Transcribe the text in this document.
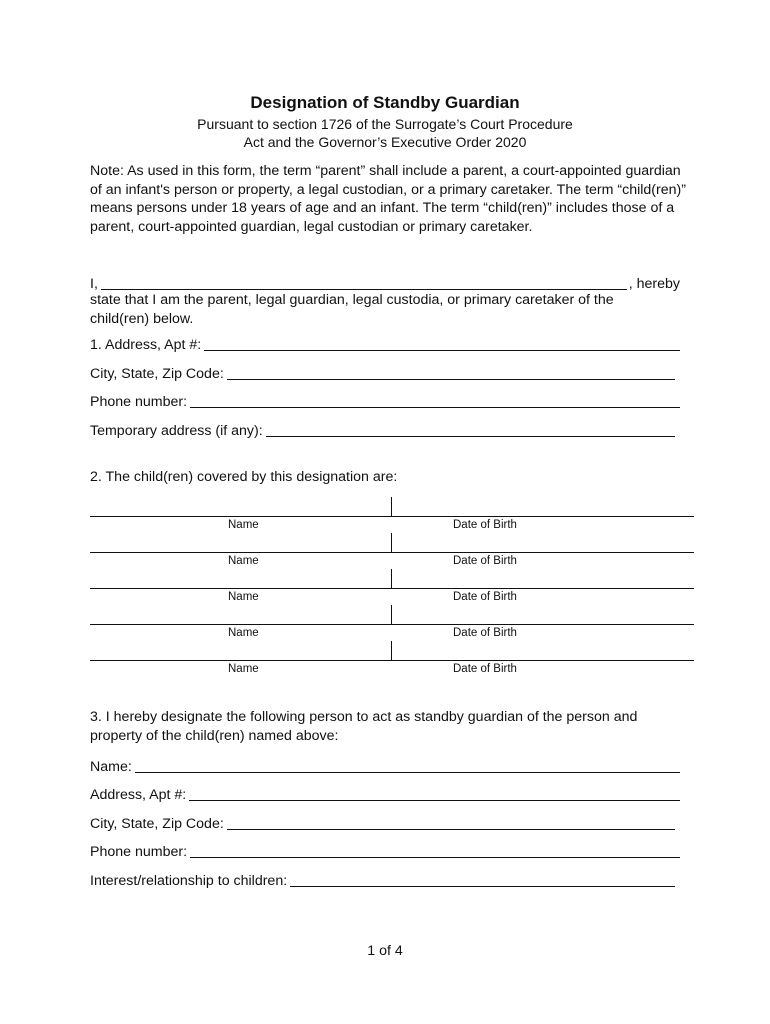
Designation of Standby Guardian

Pursuant to section 1726 of the Surrogate’s Court Procedure

Act and the Governor’s Executive Order 2020

Note: As used in this form, the term “parent” shall include a parent, a court-appointed guardian of an infant's person or property, a legal custodian, or a primary caretaker. The term “child(ren)” means persons under 18 years of age and an infant. The term “child(ren)” includes those of a parent, court-appointed guardian, legal custodian or primary caretaker.

I,	, hereby

state that I am the parent, legal guardian, legal custodia, or primary caretaker of the child(ren) below.

1. Address, Apt #:
City, State, Zip Code:
Phone number:
Temporary address (if any):

2. The child(ren) covered by this designation are:

Name	Date of Birth
Name	Date of Birth
Name	Date of Birth
Name	Date of Birth
Name	Date of Birth

3. I hereby designate the following person to act as standby guardian of the person and property of the child(ren) named above:

Name:
Address, Apt #:
City, State, Zip Code:
Phone number:
Interest/relationship to children:

1 of 4
